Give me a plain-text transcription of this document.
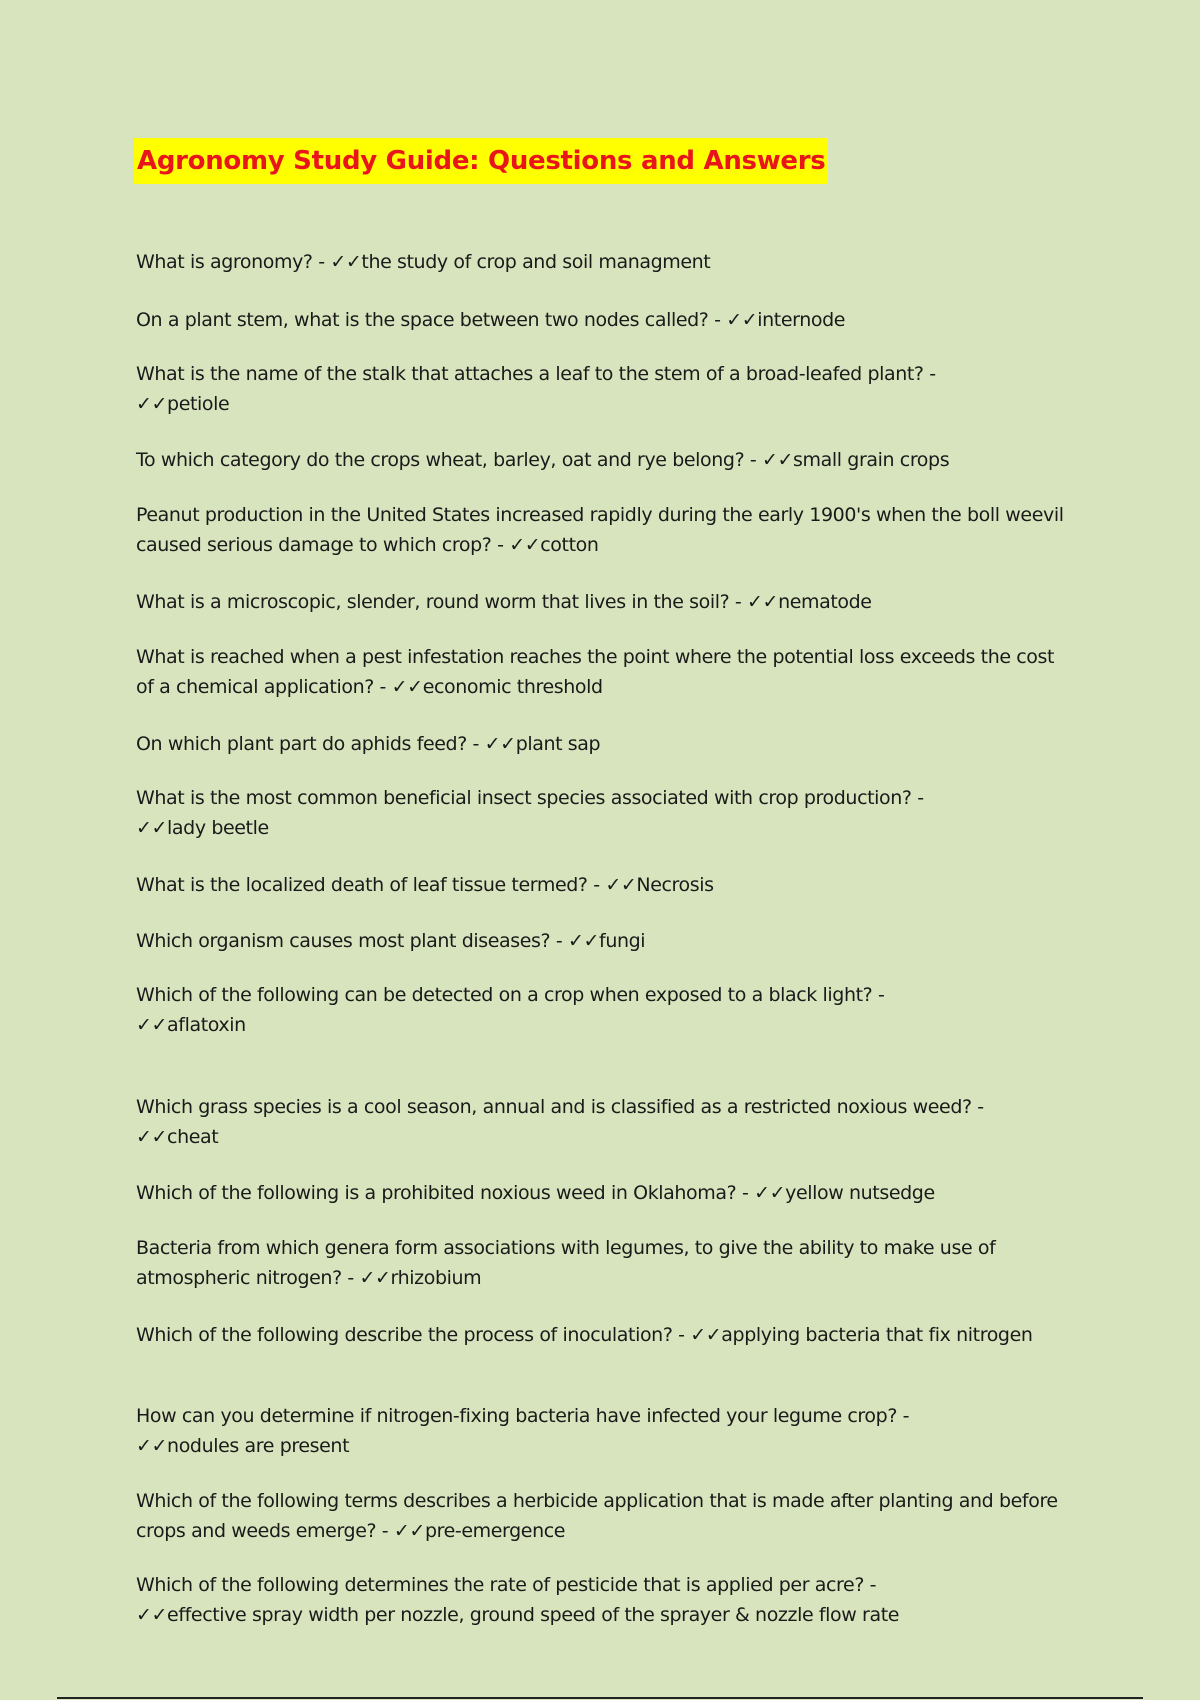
Agronomy Study Guide: Questions and Answers

What is agronomy? - ✓✓the study of crop and soil managment

On a plant stem, what is the space between two nodes called? - ✓✓internode

What is the name of the stalk that attaches a leaf to the stem of a broad-leafed plant? -
✓✓petiole

To which category do the crops wheat, barley, oat and rye belong? - ✓✓small grain crops

Peanut production in the United States increased rapidly during the early 1900's when the boll weevil caused serious damage to which crop? - ✓✓cotton

What is a microscopic, slender, round worm that lives in the soil? - ✓✓nematode

What is reached when a pest infestation reaches the point where the potential loss exceeds the cost of a chemical application? - ✓✓economic threshold

On which plant part do aphids feed? - ✓✓plant sap

What is the most common beneficial insect species associated with crop production? -
✓✓lady beetle

What is the localized death of leaf tissue termed? - ✓✓Necrosis

Which organism causes most plant diseases? - ✓✓fungi

Which of the following can be detected on a crop when exposed to a black light? -
✓✓aflatoxin

Which grass species is a cool season, annual and is classified as a restricted noxious weed? -
✓✓cheat

Which of the following is a prohibited noxious weed in Oklahoma? - ✓✓yellow nutsedge

Bacteria from which genera form associations with legumes, to give the ability to make use of atmospheric nitrogen? - ✓✓rhizobium

Which of the following describe the process of inoculation? - ✓✓applying bacteria that fix nitrogen

How can you determine if nitrogen-fixing bacteria have infected your legume crop? -
✓✓nodules are present

Which of the following terms describes a herbicide application that is made after planting and before crops and weeds emerge? - ✓✓pre-emergence

Which of the following determines the rate of pesticide that is applied per acre? -
✓✓effective spray width per nozzle, ground speed of the sprayer & nozzle flow rate
